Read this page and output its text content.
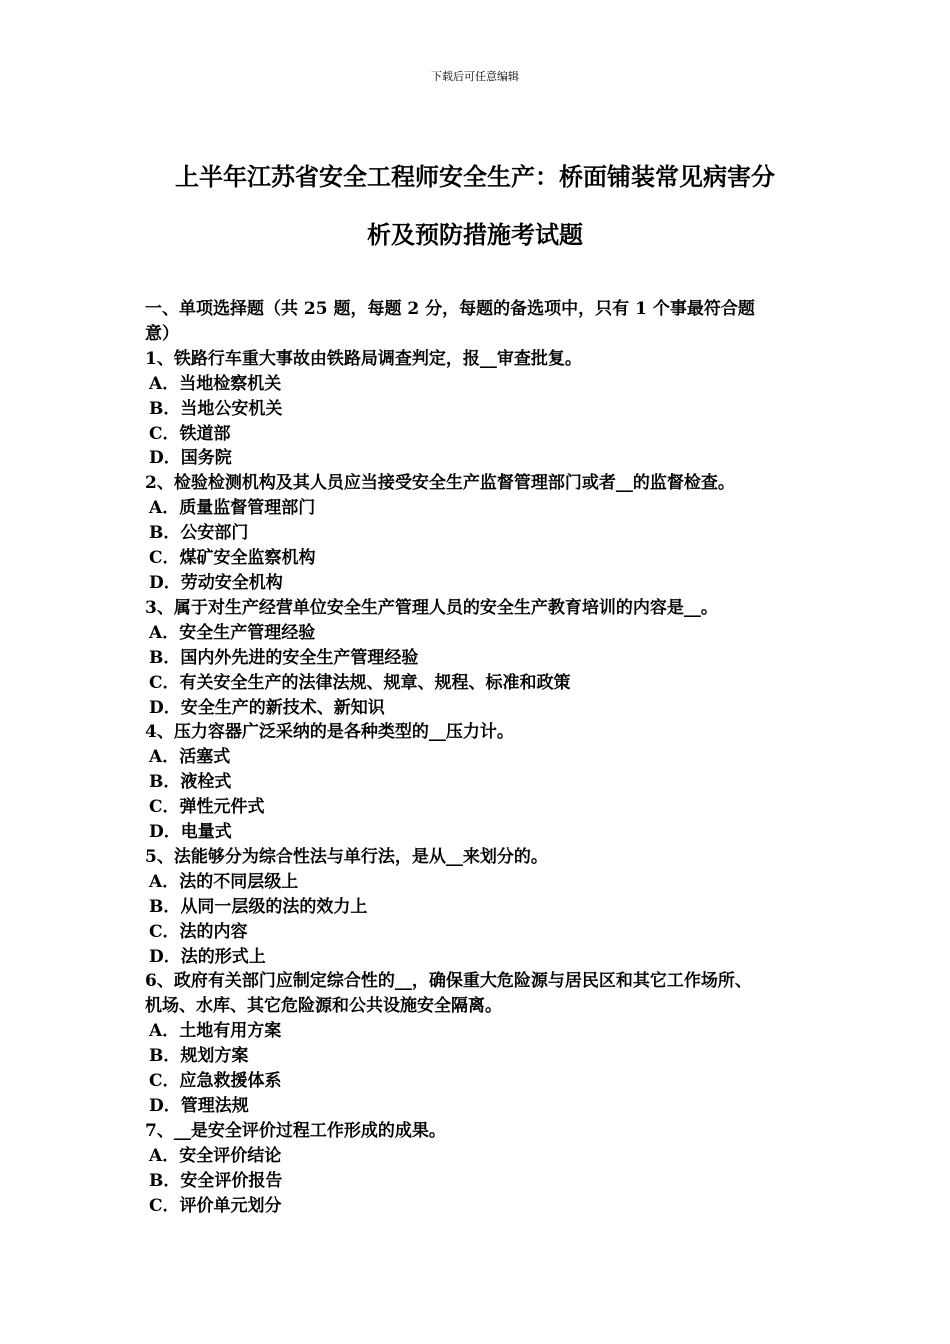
下载后可任意编辑
上半年江苏省安全工程师安全生产：桥面铺装常见病害分
析及预防措施考试题
一、单项选择题（共 25 题，每题 2 分，每题的备选项中，只有 1 个事最符合题
意）
1、铁路行车重大事故由铁路局调查判定，报__审查批复。
A．当地检察机关
B．当地公安机关
C．铁道部
D．国务院
2、检验检测机构及其人员应当接受安全生产监督管理部门或者__的监督检查。
A．质量监督管理部门
B．公安部门
C．煤矿安全监察机构
D．劳动安全机构
3、属于对生产经营单位安全生产管理人员的安全生产教育培训的内容是__。
A．安全生产管理经验
B．国内外先进的安全生产管理经验
C．有关安全生产的法律法规、规章、规程、标准和政策
D．安全生产的新技术、新知识
4、压力容器广泛采纳的是各种类型的__压力计。
A．活塞式
B．液栓式
C．弹性元件式
D．电量式
5、法能够分为综合性法与单行法，是从__来划分的。
A．法的不同层级上
B．从同一层级的法的效力上
C．法的内容
D．法的形式上
6、政府有关部门应制定综合性的__，确保重大危险源与居民区和其它工作场所、
机场、水库、其它危险源和公共设施安全隔离。
A．土地有用方案
B．规划方案
C．应急救援体系
D．管理法规
7、__是安全评价过程工作形成的成果。
A．安全评价结论
B．安全评价报告
C．评价单元划分
